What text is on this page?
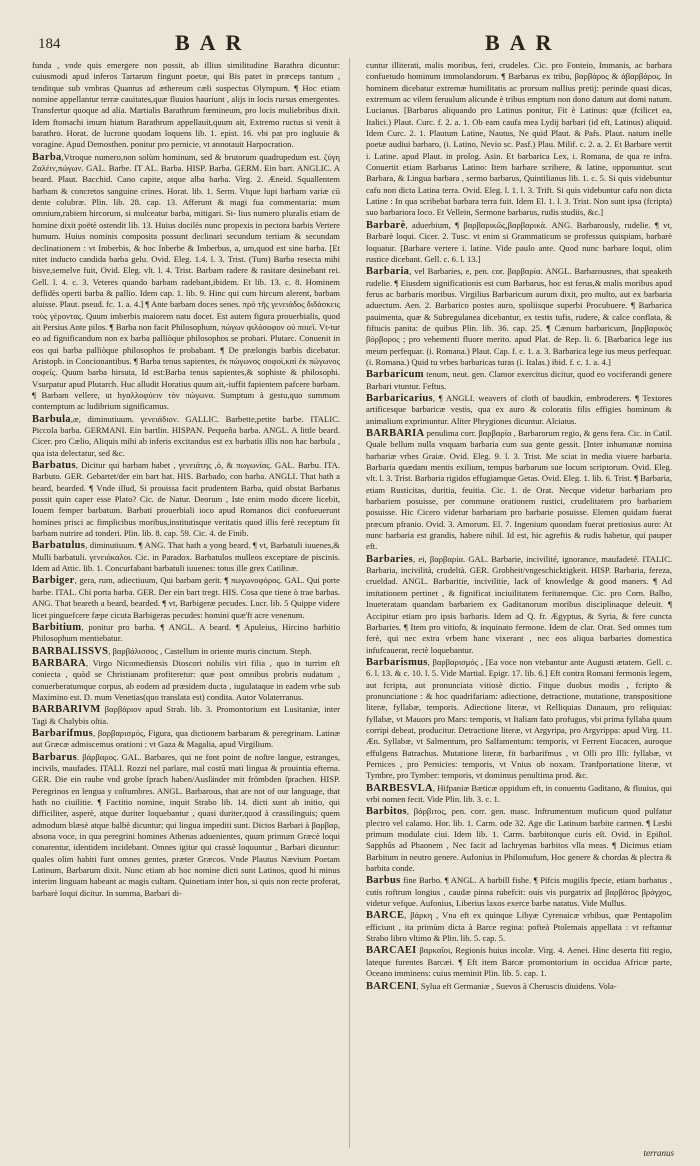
184	BAR	BAR
funda , vnde quis emergere non possit, ab illius similitudine Barathra dicuntur: cuiusmodi apud inferos Tartarum fingunt poetæ, qui Bis patet in præceps tantum , tenditque sub vmbras Quantus ad æthereum cæli suspectus Olympum. ¶ Hoc etiam nomine appellantur terræ cauitates,quæ fluuios hauriunt , alijs in locis rursus emergentes. Transfertur quoque ad alia. Martialis Barathrum fœmineum, pro locis muliebribus dixit. Idem ftomachi imum hiatum Barathrum appellauit,quum ait, Extremo ructus si venit à barathro. Horat. de lucrone quodam loquens lib. 1. epist. 16. vbi pat pro ingluuie & voragine. Apud Demosthen. ponitur pro pernicie, vt annotauit Harpocration.
Barba,Vtroque numero,non solùm hominum, sed & brutorum quadrupedum est. ζύγη Ζαλέιν,πώγων. GAL. Barbe. IT AL. Barba. HISP. Barba. GERM. Ein bart. ANGLIC. A beard. Plaut. Bacchid. Cano capite, atque alba barba. Virg. 2. Æneid. Squallentem barbam & concretos sanguine crines. Horat. lib. 1. Serm. Vtque lupi barbam variæ cū dente colubræ. Plin. lib. 28. cap. 13. Afferunt & magi fua commentaria: mum omnium,rabiem hircorum, si mulceatur barba, mitigari. Si- lius numero pluralis etiam de homine dixit poëtè ostendit lib. 13. Huius docilès nunc propexis in pectora barbis Vertere humum. Huius nominis composita possunt declinari secundum tertiam & secundam declinationem : vt Imberbis, & hoc Inberbe & Imberbus, a, um,quod est sine barba. [Et nitet inducto candida barba gelu. Ovid. Eleg. 1.4. l. 3. Trist. (Tum) Barba resecta mihi bisve,semelve fuit, Ovid. Eleg. vlt. l. 4. Trist. Barbam radere & rasitare desinebant rei. Gell. l. 4. c. 3. Veteres quando barbam radebant,ibidem. Et lib. 13. c. 8. Hominem deflidès operti barba & pallio. Idem cap. 1. lib. 9. Hinc qui cum hircum alerent, barbam aluisse. Plaut. pseud. fc. 1. a. 4.] ¶ Ante barbam doces senes. πρὸ τῆς γενειάδος διδάσκεις τοὺς γέροντας. Quum imberbis maiorem natu docet. Est autem figura prouerbialis, quod ait Persius Ante pilos. ¶ Barba non facit Philosophum, πώγων φιλόσοφον οὐ ποιεῖ. Vt-tur eo ad fignificandum non ex barba palliòque philosophos se probari. Plutarc. Conuenit in eos qui barba palliòque philosophos fe probabant. ¶ De prælongis barbis dicebatur. Aristoph. in Concionantibus. ¶ Barba tenus sapientes, ἐκ πώγωνος σοφοὶ,καὶ ἐκ πώγωνος σοφεῖς. Quum barba hirsuta, Id est:Barba tenus sapientes,& sophiste & philosophi. Vsurpatur apud Plutarch. Huc alludit Horatius quum ait,-iuffit fapientem pafcere barbam. ¶ Barbam vellere, ut hyαλλοφύειν τὸν πώγωνα. Sumptum à gestu,quo summum contemptum ac ludibrium significamus.
Barbula,æ, diminutiuum. γενειάδιον. GALLIC. Barbette,petite barbe. ITALIC. Piccola barba. GERMANI. Ein bartlin. HISPAN. Pequeña barba. ANGL. A little beard. Cicer. pro Cælio, Aliquis mihi ab inferis excitandus est ex barbatis illis non hac barbula , qua ista delectatur, sed &c.
Barbatus, Dicitur qui barbam habet , γενειάτης ,ὁ, & πωγωνίας. GAL. Barbu. ITA. Barbuto. GER. Gebartet/der ein bart hat. HIS. Barbado, con barba. ANGLI. That hath a beard, bearded. ¶ Vnde illud, Si prouissa facit prudentem Barba, quid obstat Barbatus possit quin caper esse Plato? Cic. de Natur. Deorum , Iste enim modo dicere licebit, Iouem femper barbatum. Barbati prouerbiali ioco apud Romanos dici confueuerunt homines prisci ac fimplicibus moribus,institutisque veritatis quod illis ferè receptum fit barbam nutrire ad tonderi. Plin. lib. 8. cap. 59. Cic. 4. de Finib.
Barbatulus, diminutiuum. ¶ ANG. That hath a yong beard. ¶ vt, Barbatuli iuuenes,& Mulli barbatuli. γενειόκαλοι. Cic. in Paradox. Barbatulos mulleos exceptare de piscinis. Idem ad Attic. lib. 1. Concurfabant barbatuli iuuenes: totus ille grex Catilinæ.
Barbiger, gera, rum, adiectiuum, Qui barbam gerit. ¶ πωγωνοφόρος. GAL. Qui porte barbe. ITAL. Chi porta barba. GER. Der ein bart tregt. HIS. Cosa que tiene ò trae barbas. ANG. That beareth a beard, bearded. ¶ vt, Barbigeræ pecudes. Lucr. lib. 5 Quippe videre licet pinguefcere fæpe cicuta Barbigeras pecudes: homini quæ'ft acre venenum.
Barbitium, ponitur pro barba. ¶ ANGL. A beard. ¶ Apuleius, Hircino barbitio Philosophum mentiebatur.
BARBALISSVS, βαρβάλισσος , Castellum in oriente muris cinctum. Steph.
BARBARA, Virgo Nicomediensis Dioscori nobilis viri filia , quo in turrim eſt coniecta , quòd se Christianam profiteretur: quæ post omnibus probris nudatum , conuerberatumque corpus, ab eodem ad præsidem ducta , iugulataque in eadem vrbe sub Maximino est. D. mum Venetias(quo translata est) condita. Autor Volaterranus.
BARBARIVM βαρβάριον apud Strab. lib. 3. Promontorium est Lusitaniæ, inter Tagi & Chalybis oſtia.
Barbarifmus, βαρβαρισμός, Figura, qua dictionem barbaram & peregrinam. Latinæ aut Græcæ admiscemus orationi : vt Gaza & Magalia, apud Virgilium.
Barbarus. βάρβαρος. GAL. Barbares, qui ne font point de noſtre langue, estranges, incivils, maufades. ITALI. Rozzi nel parlare, mal costū mati lingua & prouintia efterna. GER. Die ein rauhe vnd grobe ſprach haben/Ausländer mit frömbden ſprachen. HISP. Peregrinos en lengua y coſtumbres. ANGL. Barbarous, that are not of our language, that hath no ciuilitie. ¶ Factitio nomine, inquit Strabo lib. 14. dicti sunt ab initio, qui difficiliter, asperè, atque duriter loquebantur , quasi duriter,quod à crassilinguis; quem admodum blæsè atque balbè dicuntur; qui lingua impediti sunt. Dictos Barbari à βαρβαρ, absona voce, in qua peregrini homines Athenas aduenientes, quum primum Græcè loqui conarentur, identidem incidebant. Omnes igitur qui crassè loquuntur , Barbari dicuntur: quales olim habiti funt omnes gentes, præter Græcos. Vnde Plautus Nævium Poetam Latinum, Barbarum dixit. Nunc etiam ab hoc nomine dicti sunt Latinos, quod hi minus interim linguam habeant ac magis cultam. Quinetiam inter hos, si quis non recte proferat, barbarè loqui dicitur. In summa, Barbari di-
cuntur illiterati, malis moribus, feri, crudeles. Cic. pro Fonteio, Immanis, ac barbara confuetudo hominum immolandorum. ¶ Barbarus ex tribu, βαρβάρος & ἀβαρβάρος. In hominem dicebatur extremæ humilitatis ac prorsum nullius pretij: perinde quasi dicas, extremum ac vilem feruulum alicunde è tribus emptum non dono datum aut domi natum. Lucianus. [Barbarus aliquando pro Latinus ponitur, Fit è Latinus: quæ (fcilicet ea, Italici.) Plaut. Curc. f. 2. a. 1. Ob eam caufa mea Lydij barbari (id eft, Latinus) aliquid. Idem Curc. 2. 1. Plautum Latine, Nautus, Ne quid Plaut. & Pafs. Plaut. natum inelle poetæ audiui barbaro, (i. Latino, Nevio sc. Pasf.) Plau. Milif. c. 2. a. 2. Et Barbare vertit i. Latine. apud Plaut. in prolog. Asin. Et barbarica Lex, i. Romana, de qua re infra. Conuertit etiam Barbarus Latino: Item barbare scribere, & latine, opponuntur. scut Barbara, & Lingua barbara , sermo barbarus, Quintilianus lib. 1. c. 5. Si quis videbuntur cafu non dicta Latina terra. Ovid. Eleg. l. 1. l. 3. Trift. Si quis videbuntur cafu non dicta Latine : In qua scribebat barbara terra fuit. Idem El. 1. l. 3. Trist. Non sunt ipsa (fcripta) suo barbariora loco. Et Vellein, Sermone barbarus, rudis studiis, &c.]
Barbarè, aduerbium, ¶ βαρβαρικῶς,βαρβαρικὰ. ANG. Barbarously, rudelie. ¶ vt, Barbarè loqui. Cicer. 2. Tusc. vt enim si Grammaticum se professus quispiam, barbarè loquatur. [Barbare vertere i. latine. Vide paulo ante. Quod nunc barbare loqui, olim rustice dicebant. Gell. c. 6. l. 13.]
Barbaria, vel Barbaries, e, pen. cor. βαρβαρία. ANGL. Barbarousnes, that speaketh rudelie. ¶ Eiusdem significationis est cum Barbarus, hoc est ferus,& malis moribus apud ferus ac barbaris moribus. Virgilius Barbaricum aurum dixit, pro multo, aut ex barbaria aduectum. Aen. 2. Barbarico postes auro, spoliisque superbi Procubuere. ¶ Barbarica pauimenta, quæ & Subregulanea dicebantur, ex testis tufis, rudere, & calce conflata, & fiftucis panita: de quibus Plin. lib. 36. cap. 25. ¶ Cænum barbaricum, βαρβαρικὸς βόρβορος ; pro vehementi fluore merito. apud Plat. de Rep. li. 6. [Barbarica lege ius meum perfequar. (i. Romana.) Plaut. Cap. f. c. 1. a. 3. Barbarica lege ius meus perfequar. (i. Romana.) Quid tu vrbes barbaricas turas (i. Italas.) ibid. f. c. 1. a. 4.]
Barbaricum tenum, neut. gen. Clamor exercitus dicitur, quod eo vociferandi genere Barbari vtuntur. Feftus.
Barbaricarius, ¶ ANGLI. weavers of cloth of baudkin, embroderers. ¶ Textores artificesque barbaricæ vestis, qua ex auro & coloratis filis effigies hominum & animalium exprimuntur. Aliter Phrygiones dicuntur. Alciatus.
BARBARIA penulima corr. βαρβαρία , Barbarorum regio, & gens fera. Cic. in Catil. Quale bellum nulla vnquam barbaria cum sua gente gessit. [Inter inhumanæ nomina barbariæ vrbes Graiæ. Ovid. Eleg. 9. l. 3. Trist. Me sciat in media viuere barbaria. Barbaria quædam mentis exilium, tempus barbarum sue locum scriptorum. Ovid. Eleg. vlt. l. 3. Trist. Barbaria rigidos effugiamque Getas. Ovid. Eleg. 1. lib. 6. Trist. ¶ Barbaria, etiam Rusticitas, duritia, feuitia. Cic. 1. de Orat. Necque videtur barbariam pro barbariem posuisse, per commune orationem rustici, crudelitatem pro barbariem posuisse. Hic Cicero videtur barbariam pro barbarie posuisse. Elemen quidam fuerat præcum pfranio. Ovid. 3. Amorum. El. 7. Ingenium quondam fuerat pretiosius auro: At nunc barbaria est grandis, habere nihil. Id est, hic agreftis & rudis habetur, qui pauper eft.
Barbaries, ei, βαρβαρία. GAL. Barbarie, incivilité, ignorance, maufadeté. ITALIC. Barbaria, incivilità, crudeltà. GER. Grobheit/vngeschicktigkeit. HISP. Barbaria, fereza, crueldad. ANGL. Barbaritie, incivilitie, lack of knowledge & good maners. ¶ Ad imitationem pertinet , & fignificat inciuilitatem feritatemque. Cic. pro Corn. Balbo, Inueteratam quandam barbariem ex Gaditanorum moribus disciplinaque deleuit. ¶ Accipitur etiam pro ipsis barbaris. Idem ad Q. fr. Ægyptus, & Syria, & fere cuncta Barbaries. ¶ Item pro vitiofo, & inquinato fermone. Idem de clar. Orat. Sed omnes tum ferè, qui nec extra vrbem hanc vixerant , nec eos aliqua barbaries domestica infufcauerat, rectè loquebantur.
Barbarismus, βαρβαρισμός , [Ea voce non vtebantur ante Augusti ætatem. Gell. c. 6. l. 13. & c. 10. l. 5. Vide Martial. Epigr. 17. lib. 6.] Eft contra Romani fermonis legem, aut fcripta, aut pronunciata vitiosè dictio. Fitque duobus modis , fcripto & pronunciatione : & hoc quadrifariam: adiectione, detractione, mutatione, transpositione literæ, fyllabæ, temporis. Adiectione literæ, vt Relliquias Danaum, pro reliquias: fyllabæ, vt Mauors pro Mars: temporis, vt Italiam fato profugus, vbi prima fyllaba quum corripi debeat, producitur. Detractione literæ, vt Argyripa, pro Argyrippa: apud Virg. 11. Æn. Syllabæ, vt Salmentum, pro Salfamentum: temporis, vt Ferrent Eucacen, auroque effulgens Batrachus. Mutatione literæ, fit barbarifmus , vt Olli pro Illi: fyllabæ, vt Pernices , pro Pernicies: temporis, vt Vnius ob noxam. Tranfportatione literæ, vt Tymbre, pro Tymber: temporis, vt domimus penultima prod. &c.
BARBESVLA, Hifpaniæ Bæticæ oppidum eft, in conuentu Gaditano, & fluuius, qui vrbi nomen fecit. Vide Plin. lib. 3. c. 1.
Barbitos, βάρβιτος, pen. corr. gen. masc. Inftrumentum muficum quod pulfatur plectro vel calamo. Hor. lib. 1. Carm. ode 32. Age dic Latinum barbite carmen. ¶ Lesbi primum modulate ciui. Idem lib. 1. Carm. barbitonque curis eſt. Ovid. in Epiſtol. Sapphûs ad Phaonem , Nec facit ad lachrymas barbitos vlla meas. ¶ Dicimus etiam Barbitum in neutro genere. Aufonius in Philomufum, Hoc genere & chordas & plectra & barbita conde.
Barbus fine Barbo. ¶ ANGL. A barbill fishe. ¶ Pifcis mugilis fpecie, etiam barbatus , cutis roftrum longius , caudæ pinna rubefcit: ouis vis purgatrix ad βαρβάτος βράγχος, videtur vefque. Aufonius, Liberius laxos exerce barbe natatus. Vide Mullus.
BARCE, βάρκη , Vna eft ex quinque Libyæ Cyrenaicæ vrbibus, quæ Pentapolim efficiunt , ita primùm dicta à Barce regina: pofteà Ptolemais appellata : vt reftantur Strabo libro vltimo & Plin. lib. 5. cap. 5.
BARCAEI βαρκαῖοι, Regionis huius incolæ. Virg. 4. Aenei. Hinc deserta fiti regio, lateque furentes Barcæi. ¶ Eft item Barcæ promontorium in occidua Africæ parte, Oceano imminens: cuius meminit Plin. lib. 5. cap. 1.
BARCENI, Sylua eft Germaniæ , Suevos à Cheruscis diuidens. Vola-
terranus
